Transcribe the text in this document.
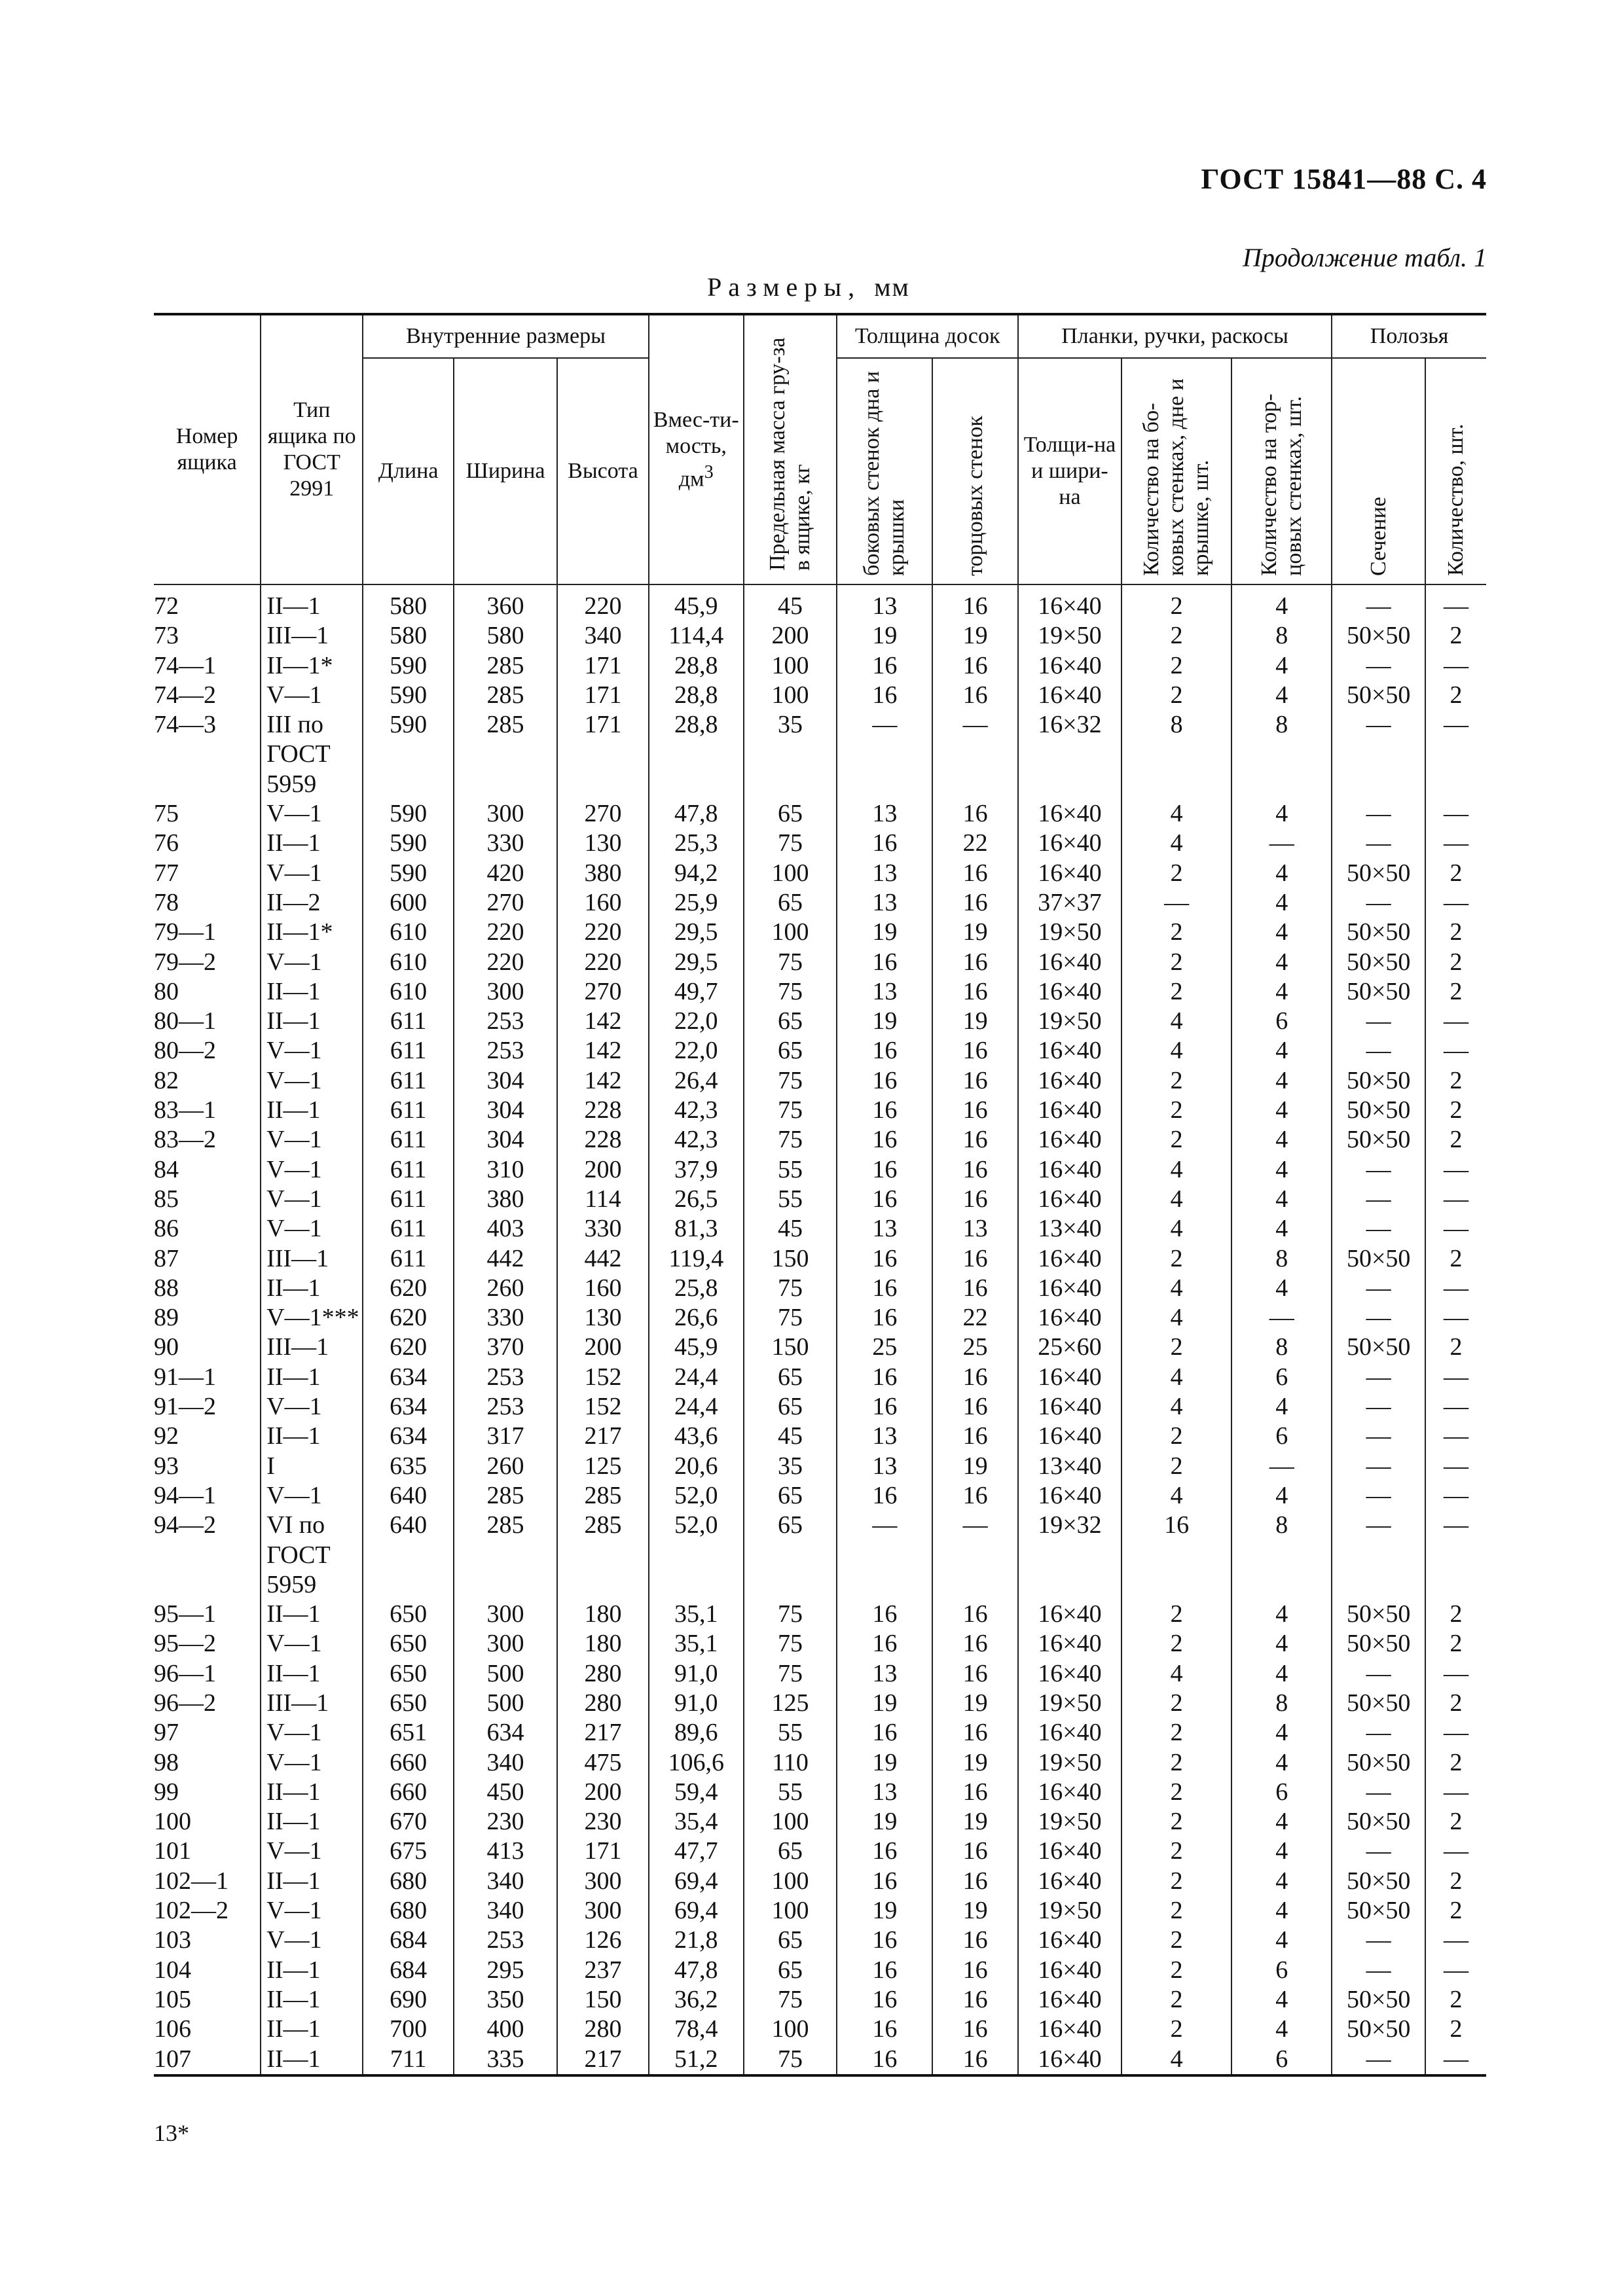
ГОСТ 15841—88 С. 4
Продолжение табл. 1
Размеры, мм
Номер ящика	Тип ящика по ГОСТ 2991	Внутренние размеры			Вмес-ти-мость,
$дм^3$	Предельная масса гру-за в ящике, кг	Толщина досок		Планки, ручки, раскосы			Полозья	
		Длина	Ширина	Высота			боковых стенок дна и крышки	торцовых стенок	Толщи-на и шири-на	Количество на бо-ковых стенках, дне и крышке, шт.	Количество на тор-цовых стенках, шт.	Сечение	Количество, шт.
72	II—1	580	360	220	45,9	45	13	16	16×40	2	4	—	—
73	III—1	580	580	340	114,4	200	19	19	19×50	2	8	50×50	2
74—1	II—1*	590	285	171	28,8	100	16	16	16×40	2	4	—	—
74—2	V—1	590	285	171	28,8	100	16	16	16×40	2	4	50×50	2
74—3	III по ГОСТ 5959	590	285	171	28,8	35	—	—	16×32	8	8	—	—
75	V—1	590	300	270	47,8	65	13	16	16×40	4	4	—	—
76	II—1	590	330	130	25,3	75	16	22	16×40	4	—	—	—
77	V—1	590	420	380	94,2	100	13	16	16×40	2	4	50×50	2
78	II—2	600	270	160	25,9	65	13	16	37×37	—	4	—	—
79—1	II—1*	610	220	220	29,5	100	19	19	19×50	2	4	50×50	2
79—2	V—1	610	220	220	29,5	75	16	16	16×40	2	4	50×50	2
80	II—1	610	300	270	49,7	75	13	16	16×40	2	4	50×50	2
80—1	II—1	611	253	142	22,0	65	19	19	19×50	4	6	—	—
80—2	V—1	611	253	142	22,0	65	16	16	16×40	4	4	—	—
82	V—1	611	304	142	26,4	75	16	16	16×40	2	4	50×50	2
83—1	II—1	611	304	228	42,3	75	16	16	16×40	2	4	50×50	2
83—2	V—1	611	304	228	42,3	75	16	16	16×40	2	4	50×50	2
84	V—1	611	310	200	37,9	55	16	16	16×40	4	4	—	—
85	V—1	611	380	114	26,5	55	16	16	16×40	4	4	—	—
86	V—1	611	403	330	81,3	45	13	13	13×40	4	4	—	—
87	III—1	611	442	442	119,4	150	16	16	16×40	2	8	50×50	2
88	II—1	620	260	160	25,8	75	16	16	16×40	4	4	—	—
89	V—1***	620	330	130	26,6	75	16	22	16×40	4	—	—	—
90	III—1	620	370	200	45,9	150	25	25	25×60	2	8	50×50	2
91—1	II—1	634	253	152	24,4	65	16	16	16×40	4	6	—	—
91—2	V—1	634	253	152	24,4	65	16	16	16×40	4	4	—	—
92	II—1	634	317	217	43,6	45	13	16	16×40	2	6	—	—
93	I	635	260	125	20,6	35	13	19	13×40	2	—	—	—
94—1	V—1	640	285	285	52,0	65	16	16	16×40	4	4	—	—
94—2	VI по ГОСТ 5959	640	285	285	52,0	65	—	—	19×32	16	8	—	—
95—1	II—1	650	300	180	35,1	75	16	16	16×40	2	4	50×50	2
95—2	V—1	650	300	180	35,1	75	16	16	16×40	2	4	50×50	2
96—1	II—1	650	500	280	91,0	75	13	16	16×40	4	4	—	—
96—2	III—1	650	500	280	91,0	125	19	19	19×50	2	8	50×50	2
97	V—1	651	634	217	89,6	55	16	16	16×40	2	4	—	—
98	V—1	660	340	475	106,6	110	19	19	19×50	2	4	50×50	2
99	II—1	660	450	200	59,4	55	13	16	16×40	2	6	—	—
100	II—1	670	230	230	35,4	100	19	19	19×50	2	4	50×50	2
101	V—1	675	413	171	47,7	65	16	16	16×40	2	4	—	—
102—1	II—1	680	340	300	69,4	100	16	16	16×40	2	4	50×50	2
102—2	V—1	680	340	300	69,4	100	19	19	19×50	2	4	50×50	2
103	V—1	684	253	126	21,8	65	16	16	16×40	2	4	—	—
104	II—1	684	295	237	47,8	65	16	16	16×40	2	6	—	—
105	II—1	690	350	150	36,2	75	16	16	16×40	2	4	50×50	2
106	II—1	700	400	280	78,4	100	16	16	16×40	2	4	50×50	2
107	II—1	711	335	217	51,2	75	16	16	16×40	4	6	—	—
13*
